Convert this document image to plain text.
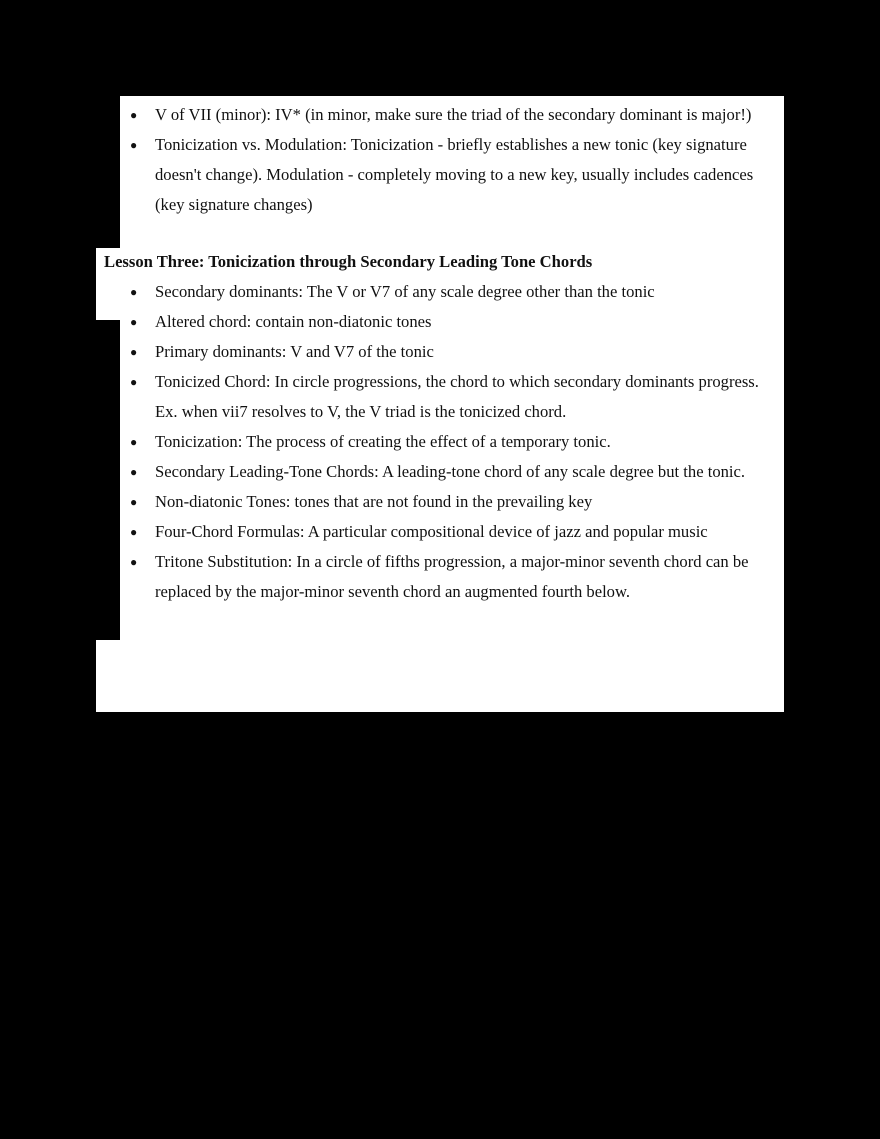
● V of VII (minor): IV* (in minor, make sure the triad of the secondary dominant is major!)
● Tonicization vs. Modulation: Tonicization - briefly establishes a new tonic (key signature doesn't change). Modulation - completely moving to a new key, usually includes cadences (key signature changes)
Lesson Three: Tonicization through Secondary Leading Tone Chords
● Secondary dominants: The V or V7 of any scale degree other than the tonic
● Altered chord: contain non-diatonic tones
● Primary dominants: V and V7 of the tonic
● Tonicized Chord: In circle progressions, the chord to which secondary dominants progress. Ex. when vii7 resolves to V, the V triad is the tonicized chord.
● Tonicization: The process of creating the effect of a temporary tonic.
● Secondary Leading-Tone Chords: A leading-tone chord of any scale degree but the tonic.
● Non-diatonic Tones: tones that are not found in the prevailing key
● Four-Chord Formulas: A particular compositional device of jazz and popular music
● Tritone Substitution: In a circle of fifths progression, a major-minor seventh chord can be replaced by the major-minor seventh chord an augmented fourth below.
